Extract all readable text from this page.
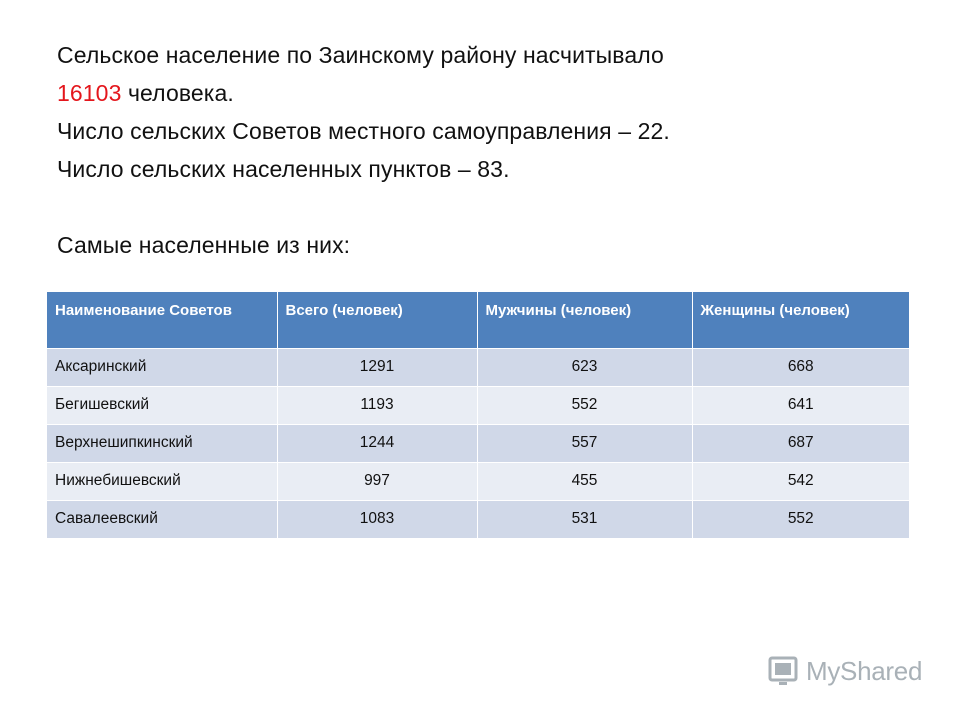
Сельское население по Заинскому району насчитывало

16103 человека.

Число сельских Советов местного самоуправления – 22.

Число сельских населенных пунктов – 83.

Самые населенные из них:

Наименование Советов	Всего (человек)	Мужчины (человек)	Женщины (человек)
Аксаринский	1291	623	668
Бегишевский	1193	552	641
Верхнешипкинский	1244	557	687
Нижнебишевский	997	455	542
Савалеевский	1083	531	552
MyShared
